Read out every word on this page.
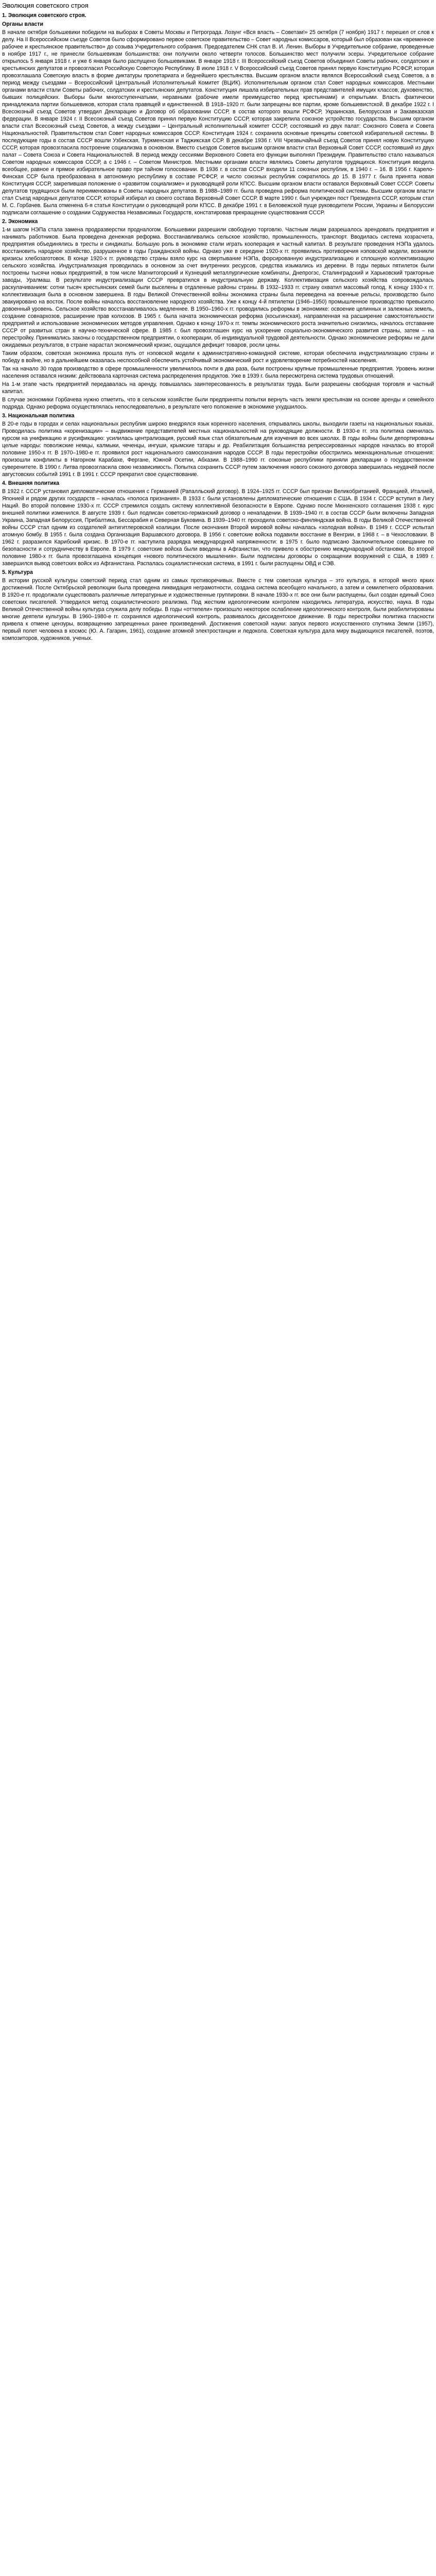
Эволюция советского строя
1. Эволюция советского строя.
Органы власти
В начале октября большевики победили на выборах в Советы Москвы и Петрограда. Лозунг «Вся власть – Советам!» 25 октября (7 ноября) 1917 г. перешел от слов к делу. На II Всероссийском съезде Советов было сформировано первое советское правительство – Совет народных комиссаров, который был образован как «временное рабочее и крестьянское правительство» до созыва Учредительного собрания. Председателем СНК стал В. И. Ленин. Выборы в Учредительное собрание, проведенные в ноябре 1917 г., не принесли большевикам большинства: они получили около четверти голосов. Большинство мест получили эсеры. Учредительное собрание открылось 5 января 1918 г. и уже 6 января было распущено большевиками. В январе 1918 г. III Всероссийский съезд Советов объединил Советы рабочих, солдатских и крестьянских депутатов и провозгласил Российскую Советскую Республику. В июле 1918 г. V Всероссийский съезд Советов принял первую Конституцию РСФСР, которая провозглашала Советскую власть в форме диктатуры пролетариата и беднейшего крестьянства. Высшим органом власти являлся Всероссийский съезд Советов, а в период между съездами – Всероссийский Центральный Исполнительный Комитет (ВЦИК). Исполнительным органом стал Совет народных комиссаров. Местными органами власти стали Советы рабочих, солдатских и крестьянских депутатов. Конституция лишала избирательных прав представителей имущих классов, духовенство, бывших полицейских. Выборы были многоступенчатыми, неравными (рабочие имели преимущество перед крестьянами) и открытыми. Власть фактически принадлежала партии большевиков, которая стала правящей и единственной. В 1918–1920 гг. были запрещены все партии, кроме большевистской. В декабре 1922 г. I Всесоюзный съезд Советов утвердил Декларацию и Договор об образовании СССР, в состав которого вошли РСФСР, Украинская, Белорусская и Закавказская федерации. В январе 1924 г. II Всесоюзный съезд Советов принял первую Конституцию СССР, которая закрепила союзное устройство государства. Высшим органом власти стал Всесоюзный съезд Советов, а между съездами – Центральный исполнительный комитет СССР, состоявший из двух палат: Союзного Совета и Совета Национальностей. Правительством стал Совет народных комиссаров СССР. Конституция 1924 г. сохранила основные принципы советской избирательной системы. В последующие годы в состав СССР вошли Узбекская, Туркменская и Таджикская ССР. В декабре 1936 г. VIII Чрезвычайный съезд Советов принял новую Конституцию СССР, которая провозгласила построение социализма в основном. Вместо съездов Советов высшим органом власти стал Верховный Совет СССР, состоявший из двух палат – Совета Союза и Совета Национальностей. В период между сессиями Верховного Совета его функции выполнял Президиум. Правительство стало называться Советом народных комиссаров СССР, а с 1946 г. – Советом Министров. Местными органами власти являлись Советы депутатов трудящихся. Конституция вводила всеобщее, равное и прямое избирательное право при тайном голосовании. В 1936 г. в состав СССР входили 11 союзных республик, в 1940 г. – 16. В 1956 г. Карело-Финская ССР была преобразована в автономную республику в составе РСФСР, и число союзных республик сократилось до 15. В 1977 г. была принята новая Конституция СССР, закрепившая положение о «развитом социализме» и руководящей роли КПСС. Высшим органом власти оставался Верховный Совет СССР. Советы депутатов трудящихся были переименованы в Советы народных депутатов. В 1988–1989 гг. была проведена реформа политической системы. Высшим органом власти стал Съезд народных депутатов СССР, который избирал из своего состава Верховный Совет СССР. В марте 1990 г. был учрежден пост Президента СССР, которым стал М. С. Горбачев. Была отменена 6-я статья Конституции о руководящей роли КПСС. В декабре 1991 г. в Беловежской пуще руководители России, Украины и Белоруссии подписали соглашение о создании Содружества Независимых Государств, констатировав прекращение существования СССР.
2. Экономика
1-м шагом НЭПа стала замена продразверстки продналогом. Большевики разрешили свободную торговлю. Частным лицам разрешалось арендовать предприятия и нанимать работников. Была проведена денежная реформа. Восстанавливались сельское хозяйство, промышленность, транспорт. Вводилась система хозрасчета, предприятия объединялись в тресты и синдикаты. Большую роль в экономике стали играть кооперация и частный капитал. В результате проведения НЭПа удалось восстановить народное хозяйство, разрушенное в годы Гражданской войны. Однако уже в середине 1920-х гг. проявились противоречия нэповской модели, возникли кризисы хлебозаготовок. В конце 1920-х гг. руководство страны взяло курс на свертывание НЭПа, форсированную индустриализацию и сплошную коллективизацию сельского хозяйства. Индустриализация проводилась в основном за счет внутренних ресурсов, средства изымались из деревни. В годы первых пятилеток были построены тысячи новых предприятий, в том числе Магнитогорский и Кузнецкий металлургические комбинаты, Днепрогэс, Сталинградский и Харьковский тракторные заводы, Уралмаш. В результате индустриализации СССР превратился в индустриальную державу. Коллективизация сельского хозяйства сопровождалась раскулачиванием: сотни тысяч крестьянских семей были выселены в отдаленные районы страны. В 1932–1933 гг. страну охватил массовый голод. К концу 1930-х гг. коллективизация была в основном завершена. В годы Великой Отечественной войны экономика страны была переведена на военные рельсы, производство было эвакуировано на восток. После войны началось восстановление народного хозяйства. Уже к концу 4-й пятилетки (1946–1950) промышленное производство превысило довоенный уровень. Сельское хозяйство восстанавливалось медленнее. В 1950–1960-х гг. проводились реформы в экономике: освоение целинных и залежных земель, создание совнархозов, расширение прав колхозов. В 1965 г. была начата экономическая реформа (косыгинская), направленная на расширение самостоятельности предприятий и использование экономических методов управления. Однако к концу 1970-х гг. темпы экономического роста значительно снизились, началось отставание СССР от развитых стран в научно-технической сфере. В 1985 г. был провозглашен курс на ускорение социально-экономического развития страны, затем – на перестройку. Принимались законы о государственном предприятии, о кооперации, об индивидуальной трудовой деятельности. Однако экономические реформы не дали ожидаемых результатов, в стране нарастал экономический кризис, ощущался дефицит товаров, росли цены.
Таким образом, советская экономика прошла путь от нэповской модели к административно-командной системе, которая обеспечила индустриализацию страны и победу в войне, но в дальнейшем оказалась неспособной обеспечить устойчивый экономический рост и удовлетворение потребностей населения.
Так на начало 30 годов производство в сфере промышленности увеличилось почти в два раза, были построены крупные промышленные предприятия. Уровень жизни населения оставался низким: действовала карточная система распределения продуктов. Уже в 1939 г. была пересмотрена система трудовых отношений.
На 1-м этапе часть предприятий передавалась на аренду, повышалась заинтересованность в результатах труда. Были разрешены свободная торговля и частный капитал.
В случае экономики Горбачева нужно отметить, что в сельском хозяйстве были предприняты попытки вернуть часть земли крестьянам на основе аренды и семейного подряда. Однако реформа осуществлялась непоследовательно, в результате чего положение в экономике ухудшилось.
3. Национальная политика
В 20-е годы в городах и селах национальных республик широко внедрялся язык коренного населения, открывались школы, выходили газеты на национальных языках. Проводилась политика «коренизации» – выдвижение представителей местных национальностей на руководящие должности. В 1930-е гг. эта политика сменилась курсом на унификацию и русификацию: усилилась централизация, русский язык стал обязательным для изучения во всех школах. В годы войны были депортированы целые народы: поволжские немцы, калмыки, чеченцы, ингуши, крымские татары и др. Реабилитация большинства репрессированных народов началась во второй половине 1950-х гг. В 1970–1980-е гг. проявился рост национального самосознания народов СССР. В годы перестройки обострились межнациональные отношения: произошли конфликты в Нагорном Карабахе, Фергане, Южной Осетии, Абхазии. В 1988–1990 гг. союзные республики приняли декларации о государственном суверенитете. В 1990 г. Литва провозгласила свою независимость. Попытка сохранить СССР путем заключения нового союзного договора завершилась неудачей после августовских событий 1991 г. В 1991 г. СССР прекратил свое существование.
4. Внешняя политика
В 1922 г. СССР установил дипломатические отношения с Германией (Рапалльский договор). В 1924–1925 гг. СССР был признан Великобританией, Францией, Италией, Японией и рядом других государств – началась «полоса признания». В 1933 г. были установлены дипломатические отношения с США. В 1934 г. СССР вступил в Лигу Наций. Во второй половине 1930-х гг. СССР стремился создать систему коллективной безопасности в Европе. Однако после Мюнхенского соглашения 1938 г. курс внешней политики изменился. В августе 1939 г. был подписан советско-германский договор о ненападении. В 1939–1940 гг. в состав СССР были включены Западная Украина, Западная Белоруссия, Прибалтика, Бессарабия и Северная Буковина. В 1939–1940 гг. проходила советско-финляндская война. В годы Великой Отечественной войны СССР стал одним из создателей антигитлеровской коалиции. После окончания Второй мировой войны началась «холодная война». В 1949 г. СССР испытал атомную бомбу. В 1955 г. была создана Организация Варшавского договора. В 1956 г. советские войска подавили восстание в Венгрии, в 1968 г. – в Чехословакии. В 1962 г. разразился Карибский кризис. В 1970-е гг. наступила разрядка международной напряженности: в 1975 г. было подписано Заключительное совещание по безопасности и сотрудничеству в Европе. В 1979 г. советские войска были введены в Афганистан, что привело к обострению международной обстановки. Во второй половине 1980-х гг. была провозглашена концепция «нового политического мышления». Были подписаны договоры о сокращении вооружений с США, в 1989 г. завершился вывод советских войск из Афганистана. Распалась социалистическая система, в 1991 г. были распущены ОВД и СЭВ.
5. Культура
В истории русской культуры советский период стал одним из самых противоречивых. Вместе с тем советская культура – это культура, в которой много ярких достижений. После Октябрьской революции была проведена ликвидация неграмотности, создана система всеобщего начального, а затем и семилетнего образования. В 1920-е гг. продолжали существовать различные литературные и художественные группировки. В начале 1930-х гг. все они были распущены, был создан единый Союз советских писателей. Утвердился метод социалистического реализма. Под жестким идеологическим контролем находились литература, искусство, наука. В годы Великой Отечественной войны культура служила делу победы. В годы «оттепели» произошло некоторое ослабление идеологического контроля, были реабилитированы многие деятели культуры. В 1960–1980-е гг. сохранялся идеологический контроль, развивалось диссидентское движение. В годы перестройки политика гласности привела к отмене цензуры, возвращению запрещенных ранее произведений. Достижения советской науки: запуск первого искусственного спутника Земли (1957), первый полет человека в космос (Ю. А. Гагарин, 1961), создание атомной электростанции и ледокола. Советская культура дала миру выдающихся писателей, поэтов, композиторов, художников, ученых.
